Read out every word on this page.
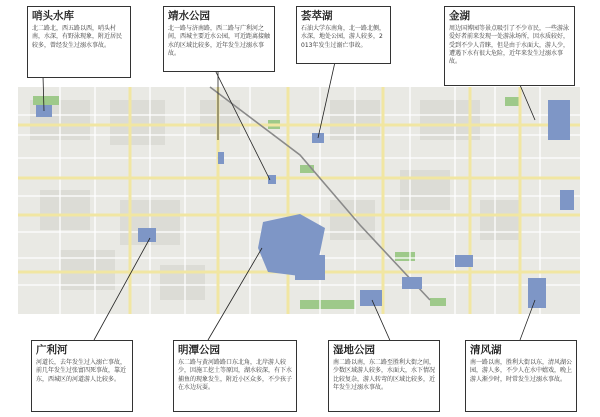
哨头水库
北二路北，西五路以西，哨头村南，水深，有野泳现象，附近居民较多，曾经发生过溺水事故。
靖水公园
北一路与济南路，西二路与广利河之间，西城主要近水公园，可近距离接触水的区域比较多，近年发生过溺水事故。
荟萃湖
石油大学东南角，北一路北侧，水深，地处公园，游人较多，2013年发生过溺亡事故。
金湖
周边国博园等景点吸引了不少市民，一些游泳爱好者前来发现一处游泳场所，因水质较好，受到不少人青睐，但是由于水面大，游人少，遭遇下水有很大危险，近年来发生过溺水事故。
广利河
河道长，去年发生过入溺亡事故，前几年发生过张富四死事故，靠近东，西城区的河道游人比较多。
明潭公园
东二路与黄河路路口东北角，北岸游人较少，因施工挖土等原因，湖水较深，有下水捕鱼的现象发生，附近小区众多，不少孩子在水边玩耍。
湿地公园
南二路以南，东二路至胜利大街之间，少数区域游人较多，水面大，水下情况比较复杂，游人转弯的区域比较多，近年发生过溺水事故。
清风湖
南一路以南，胜利大街以东，清风湖公园，游人多，不少人在水中嬉戏，晚上游人渐少时，时常发生过溺水事故。
